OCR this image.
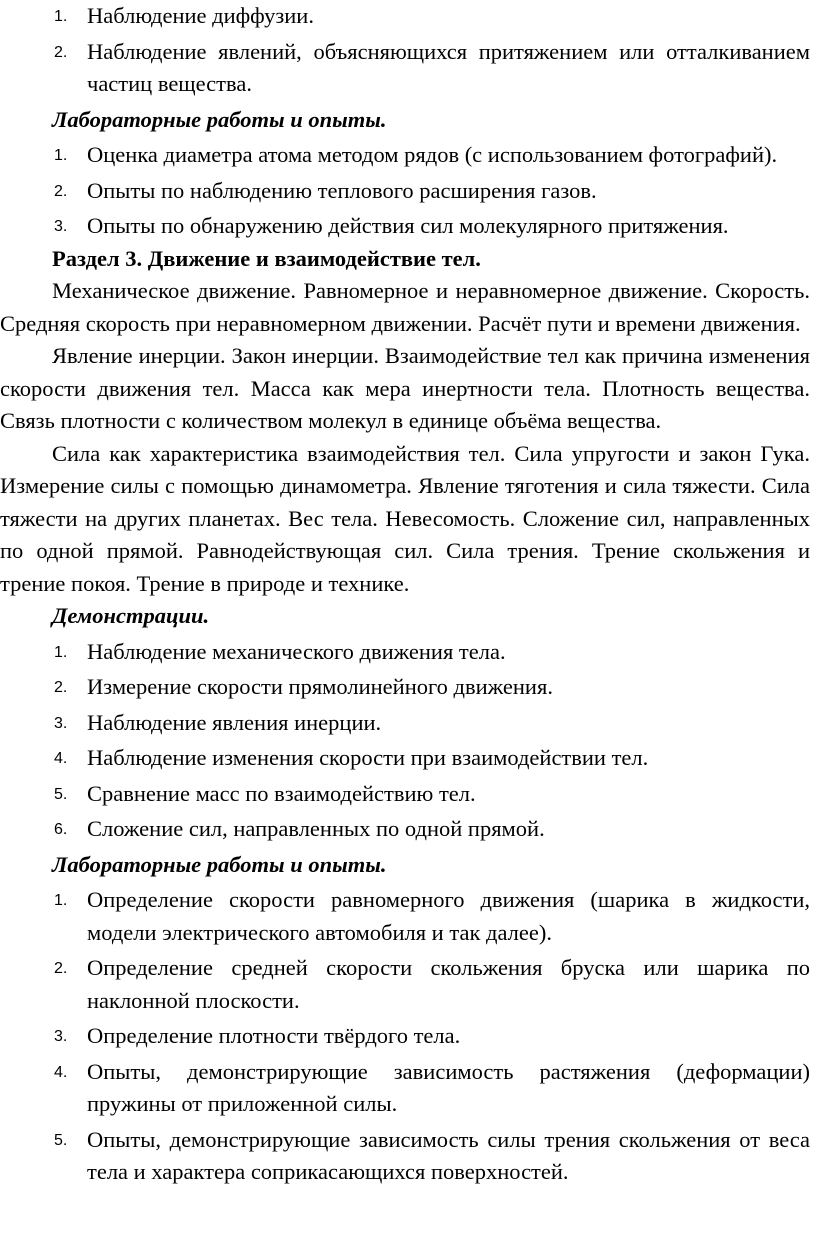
1. Наблюдение диффузии.
2. Наблюдение явлений, объясняющихся притяжением или отталкиванием частиц вещества.
Лабораторные работы и опыты.
1. Оценка диаметра атома методом рядов (с использованием фотографий).
2. Опыты по наблюдению теплового расширения газов.
3. Опыты по обнаружению действия сил молекулярного притяжения.
Раздел 3. Движение и взаимодействие тел.
Механическое движение. Равномерное и неравномерное движение. Скорость. Средняя скорость при неравномерном движении. Расчёт пути и времени движения.
Явление инерции. Закон инерции. Взаимодействие тел как причина изменения скорости движения тел. Масса как мера инертности тела. Плотность вещества. Связь плотности с количеством молекул в единице объёма вещества.
Сила как характеристика взаимодействия тел. Сила упругости и закон Гука. Измерение силы с помощью динамометра. Явление тяготения и сила тяжести. Сила тяжести на других планетах. Вес тела. Невесомость. Сложение сил, направленных по одной прямой. Равнодействующая сил. Сила трения. Трение скольжения и трение покоя. Трение в природе и технике.
Демонстрации.
1. Наблюдение механического движения тела.
2. Измерение скорости прямолинейного движения.
3. Наблюдение явления инерции.
4. Наблюдение изменения скорости при взаимодействии тел.
5. Сравнение масс по взаимодействию тел.
6. Сложение сил, направленных по одной прямой.
Лабораторные работы и опыты.
1. Определение скорости равномерного движения (шарика в жидкости, модели электрического автомобиля и так далее).
2. Определение средней скорости скольжения бруска или шарика по наклонной плоскости.
3. Определение плотности твёрдого тела.
4. Опыты, демонстрирующие зависимость растяжения (деформации) пружины от приложенной силы.
5. Опыты, демонстрирующие зависимость силы трения скольжения от веса тела и характера соприкасающихся поверхностей.
